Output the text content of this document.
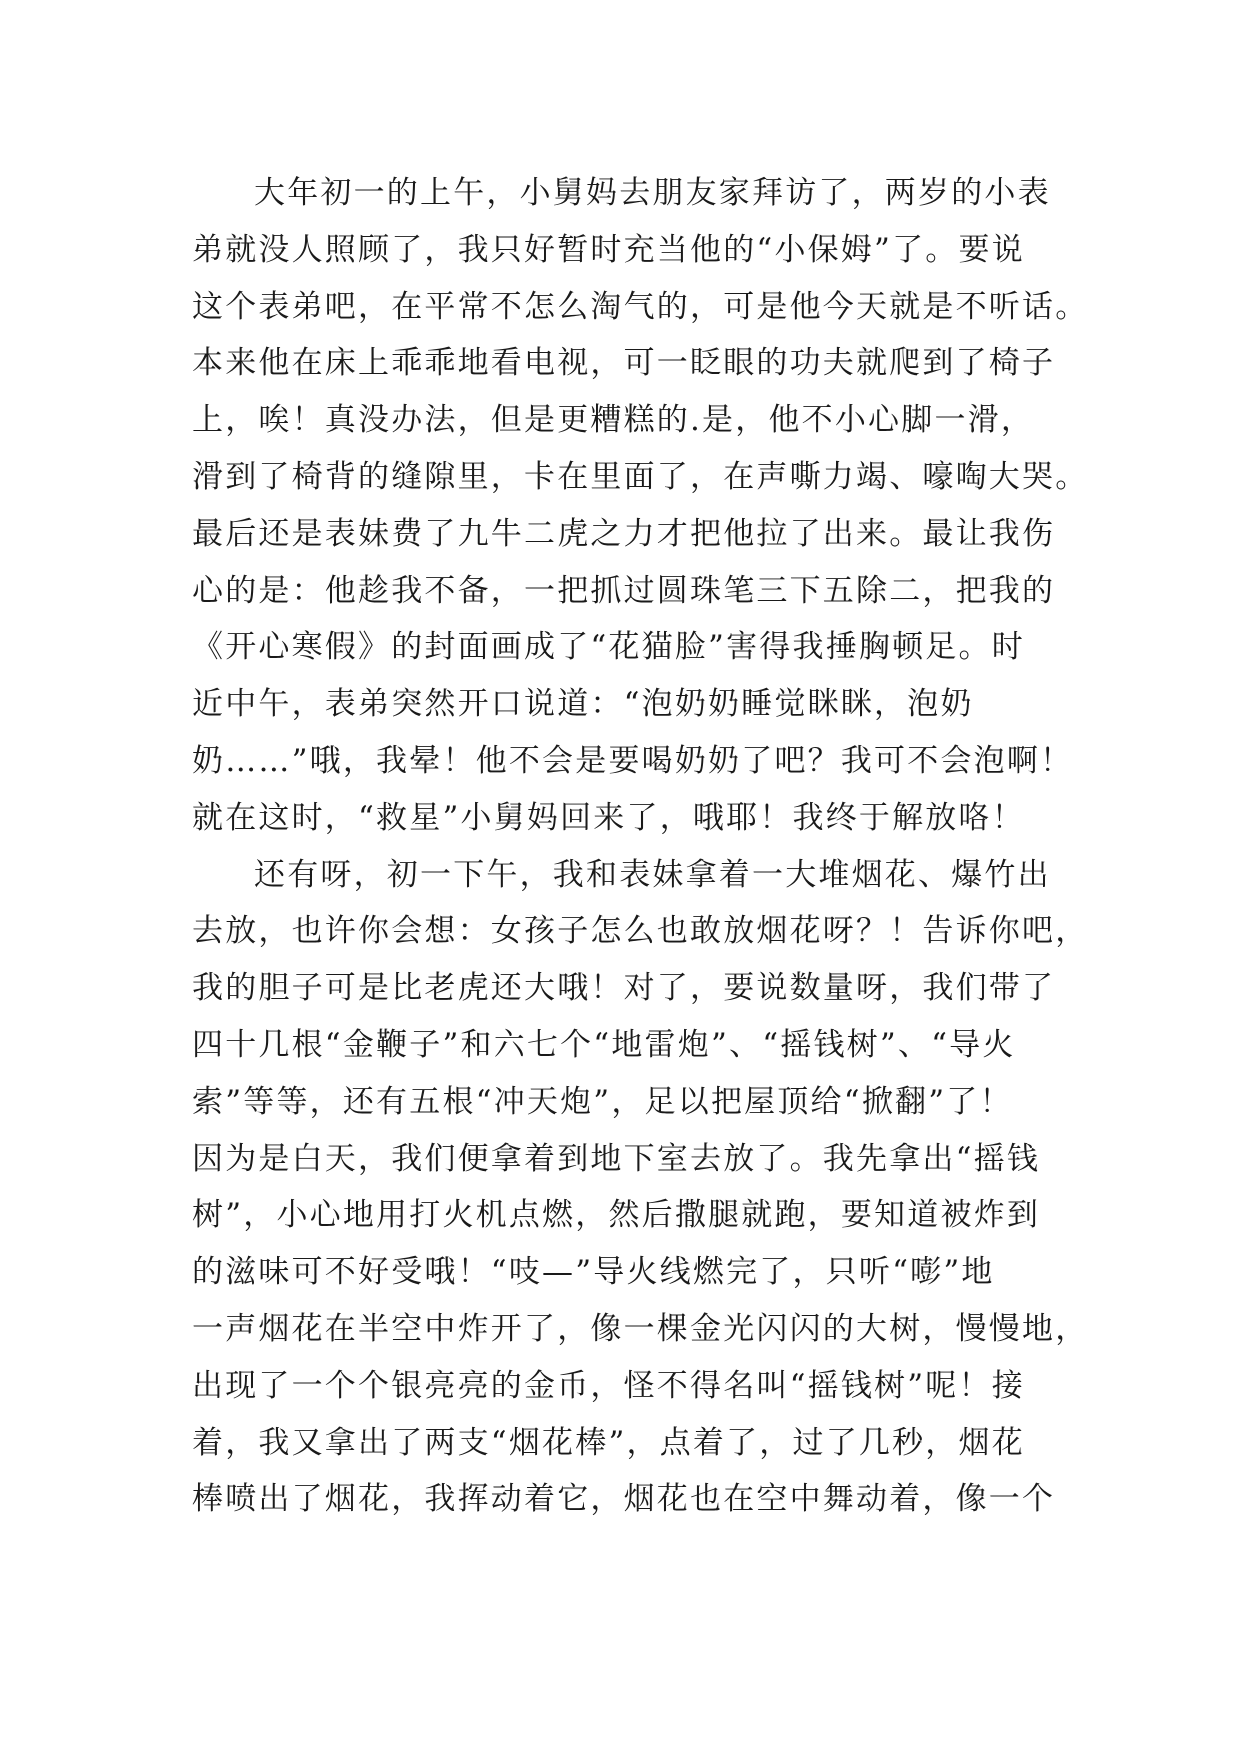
大年初一的上午，小舅妈去朋友家拜访了，两岁的小表
弟就没人照顾了，我只好暂时充当他的“小保姆”了。要说
这个表弟吧，在平常不怎么淘气的，可是他今天就是不听话。
本来他在床上乖乖地看电视，可一眨眼的功夫就爬到了椅子
上，唉！真没办法，但是更糟糕的.是，他不小心脚一滑，
滑到了椅背的缝隙里，卡在里面了，在声嘶力竭、嚎啕大哭。
最后还是表妹费了九牛二虎之力才把他拉了出来。最让我伤
心的是：他趁我不备，一把抓过圆珠笔三下五除二，把我的
《开心寒假》的封面画成了“花猫脸”害得我捶胸顿足。时
近中午，表弟突然开口说道：“泡奶奶睡觉眯眯，泡奶
奶……”哦，我晕！他不会是要喝奶奶了吧？我可不会泡啊！
就在这时，“救星”小舅妈回来了，哦耶！我终于解放咯！
还有呀，初一下午，我和表妹拿着一大堆烟花、爆竹出
去放，也许你会想：女孩子怎么也敢放烟花呀？！告诉你吧，
我的胆子可是比老虎还大哦！对了，要说数量呀，我们带了
四十几根“金鞭子”和六七个“地雷炮”、“摇钱树”、“导火
索”等等，还有五根“冲天炮”，足以把屋顶给“掀翻”了！
因为是白天，我们便拿着到地下室去放了。我先拿出“摇钱
树”，小心地用打火机点燃，然后撒腿就跑，要知道被炸到
的滋味可不好受哦！“吱—”导火线燃完了，只听“嘭”地
一声烟花在半空中炸开了，像一棵金光闪闪的大树，慢慢地，
出现了一个个银亮亮的金币，怪不得名叫“摇钱树”呢！接
着，我又拿出了两支“烟花棒”，点着了，过了几秒，烟花
棒喷出了烟花，我挥动着它，烟花也在空中舞动着，像一个
